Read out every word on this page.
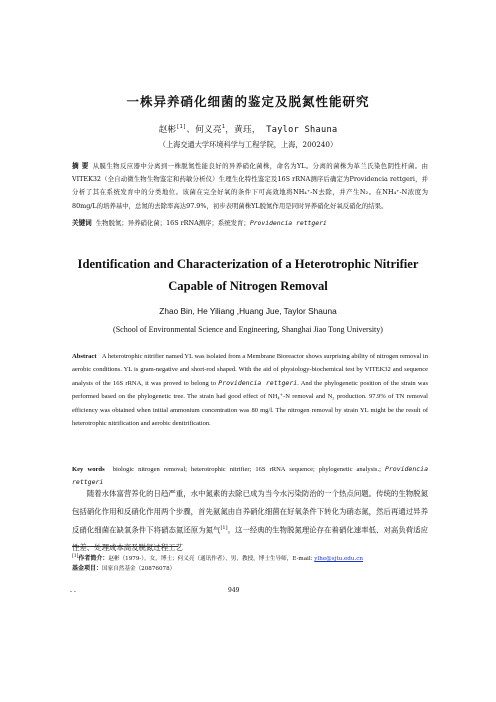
一株异养硝化细菌的鉴定及脱氮性能研究
赵彬[1]、何义亮$^1$，黄珏， Taylor Shauna
（上海交通大学环境科学与工程学院，上海，200240）
摘 要 从膜生物反应器中分离到一株脱氮性能良好的异养硝化菌株，命名为YL。分离的菌株为革兰氏染色阴性杆菌。由VITEK32（全自动微生物生物鉴定和药敏分析仪）生理生化特性鉴定及16S rRNA测序后确定为Providencia rettgeri，并分析了其在系统发育中的分类地位。该菌在完全好氧的条件下可高效地将NH₄⁺-N去除，并产生N₂。在NH₄⁺-N浓度为80mg/L的培养基中，总氮的去除率高达97.9%，初步表明菌株YL脱氮作用是同时异养硝化好氧反硝化的结果。
关键词 生物脱氮；异养硝化菌；16S rRNA测序；系统发育；Providencia rettgeri
Identification and Characterization of a Heterotrophic Nitrifier
Capable of Nitrogen Removal
Zhao Bin, He Yiliang ,Huang Jue, Taylor Shauna
(School of Environmental Science and Engineering, Shanghai Jiao Tong University)
Abstract A heterotrophic nitrifier named YL was isolated from a Membrane Bioreactor shows surprising ability of nitrogen removal in aerobic conditions. YL is gram-negative and short-rod shaped. With the aid of physiology-biochemical test by VITEK32 and sequence analysis of the 16S rRNA, it was proved to belong to Providencia rettgeri. And the phylogenetic position of the strain was performed based on the phylogenetic tree. The strain had good effect of NH₄⁺-N removal and N₂ production. 97.9% of TN removal efficiency was obtained when initial ammonium concentration was 80 mg/l. The nitrogen removal by strain YL might be the result of heterotrophic nitrification and aerobic denitrification.
Key words biologic nitrogen removal; heterotrophic nitrifier; 16S rRNA sequence; phylogenetic analysis.; Providencia rettgeri
随着水体富营养化的日趋严重，水中氮素的去除已成为当今水污染防治的一个热点问题。传统的生物脱氮包括硝化作用和反硝化作用两个步骤，首先氨氮由自养硝化细菌在好氧条件下转化为硝态氮，然后再通过异养反硝化细菌在缺氧条件下将硝态氮还原为氮气[1]。这一经典的生物脱氮理论存在着硝化速率低、对高负荷适应性差、处理成本高及脱氮过程工艺
[1]作者简介：赵彬（1979-），女，博士；何义亮（通讯作者），男，教授，博士生导师，E-mail: ylhe@sjtu.edu.cn
基金项目：国家自然基金（20876078）
- -	949
